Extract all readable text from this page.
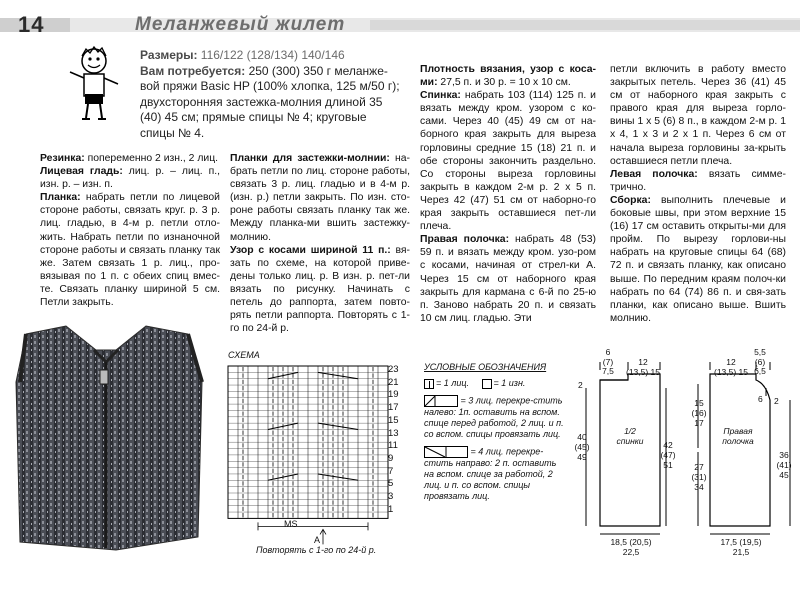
14	Меланжевый жилет
Размеры: 116/122 (128/134) 140/146
Вам потребуется: 250 (300) 350 г меланже-вой пряжи Basic HP (100% хлопка, 125 м/50 г); двухсторонняя застежка-молния длиной 35 (40) 45 см; прямые спицы № 4; круговые спицы № 4.

Резинка: попеременно 2 изн., 2 лиц.

Лицевая гладь: лиц. р. – лиц. п., изн. р. – изн. п.

Планка: набрать петли по лицевой стороне работы, связать круг. р. 3 р. лиц. гладью, в 4-м р. петли отло-жить. Набрать петли по изнаночной стороне работы и связать планку так же. Затем связать 1 р. лиц., про-вязывая по 1 п. с обеих спиц вмес-те. Связать планку шириной 5 см. Петли закрыть.

Планки для застежки-молнии: на-брать петли по лиц. стороне работы, связать 3 р. лиц. гладью и в 4-м р. (изн. р.) петли закрыть. По изн. сто-роне работы связать планку так же. Между планка-ми вшить застежку-молнию.

Узор с косами шириной 11 п.: вя-зать по схеме, на которой приве-дены только лиц. р. В изн. р. пет-ли вязать по рисунку. Начинать с петель до раппорта, затем повто-рять петли раппорта. Повторять с 1-го по 24-й р.

Плотность вязания, узор с коса-ми: 27,5 п. и 30 р. = 10 х 10 см.

Спинка: набрать 103 (114) 125 п. и вязать между кром. узором с ко-сами. Через 40 (45) 49 см от на-борного края закрыть для выреза горловины средние 15 (18) 21 п. и обе стороны закончить раздельно. Со стороны выреза горловины закрыть в каждом 2-м р. 2 х 5 п. Через 42 (47) 51 см от наборно-го края закрыть оставшиеся пет-ли плеча.

Правая полочка: набрать 48 (53) 59 п. и вязать между кром. узо-ром с косами, начиная от стрел-ки А. Через 15 см от наборного края закрыть для кармана с 6-й по 25-ю п. Заново набрать 20 п. и связать 10 см лиц. гладью. Эти

петли включить в работу вместо закрытых петель. Через 36 (41) 45 см от наборного края закрыть с правого края для выреза горло-вины 1 х 5 (6) 8 п., в каждом 2-м р. 1 х 4, 1 х 3 и 2 х 1 п. Через 6 см от начала выреза горловины за-крыть оставшиеся петли плеча.

Левая полочка: вязать симме-трично.

Сборка: выполнить плечевые и боковые швы, при этом верхние 15 (16) 17 см оставить открыты-ми для пройм. По вырезу горлови-ны набрать на круговые спицы 64 (68) 72 п. и связать планку, как описано выше. По передним краям полоч-ки набрать по 64 (74) 86 п. и свя-зать планки, как описано выше. Вшить молнию.

СХЕМА
23
21
19
17
15
13
11
9
7
5
3
1
MS
A
Повторять с 1-го по 24-й р.
УСЛОВНЫЕ ОБОЗНАЧЕНИЯ
= 1 лиц.	= 1 изн.
= 3 лиц. перекре-стить налево: 1п. оставить на вспом. спице перед работой, 2 лиц. и п. со вспом. спицы провязать лиц.
= 4 лиц. перекре-стить направо: 2 п. оставить на вспом. спице за работой, 2 лиц. и п. со вспом. спицы провязать лиц.
6
(7)
7,5
12
(13,5) 15
2
1/2
спинки
40
(45)
49
42
(47)
51
18,5 (20,5)
22,5
12
(13,5) 15
5,5
(6)
6,5
6 2
15
(16)
17
27
(31)
34
36
(41)
45
Правая
полочка
17,5 (19,5)
21,5
